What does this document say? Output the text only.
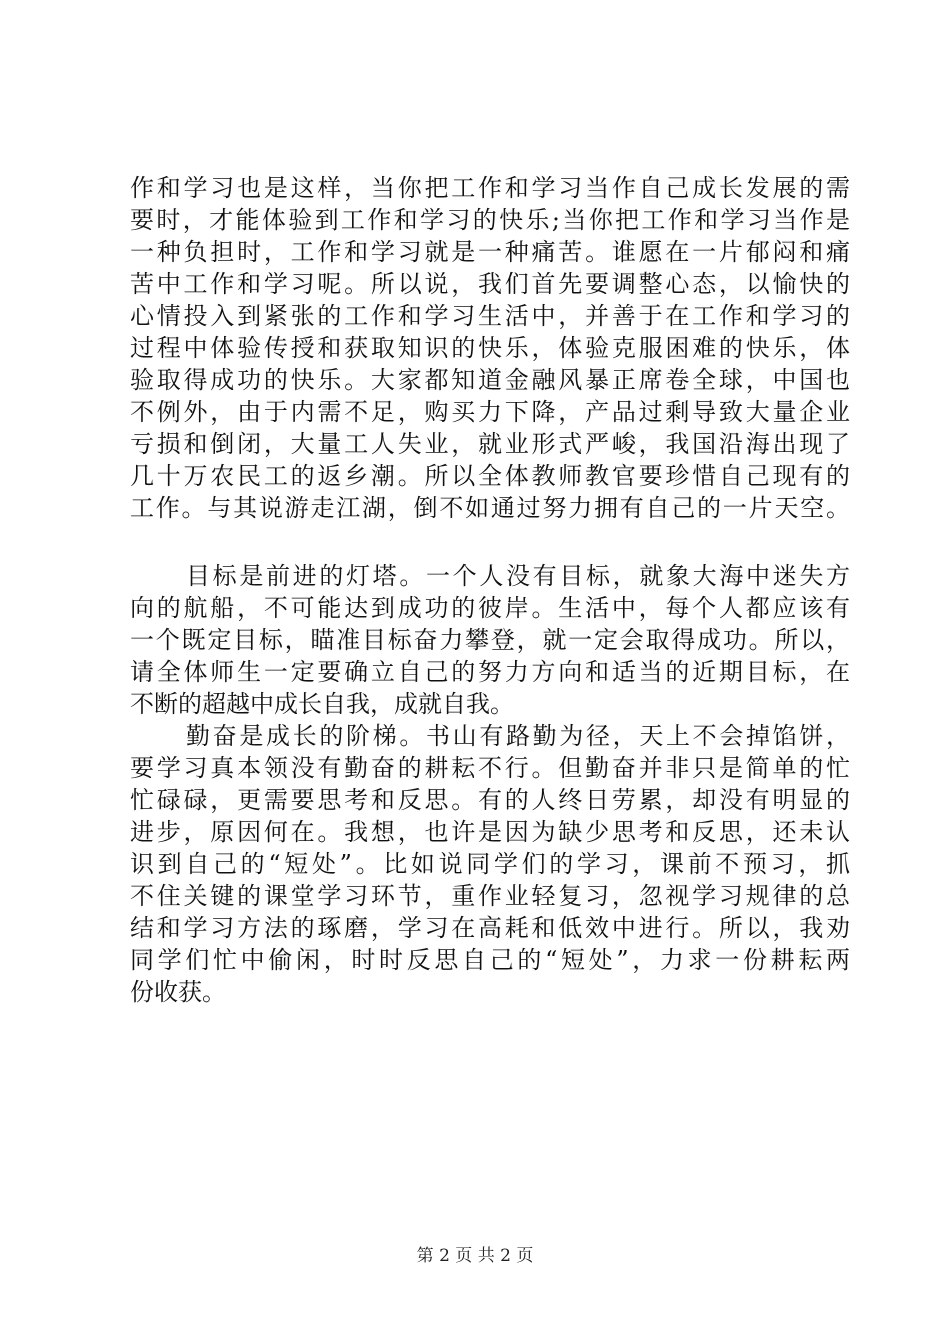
作和学习也是这样，当你把工作和学习当作自己成长发展的需
要时，才能体验到工作和学习的快乐;当你把工作和学习当作是
一种负担时，工作和学习就是一种痛苦。谁愿在一片郁闷和痛
苦中工作和学习呢。所以说，我们首先要调整心态，以愉快的
心情投入到紧张的工作和学习生活中，并善于在工作和学习的
过程中体验传授和获取知识的快乐，体验克服困难的快乐，体
验取得成功的快乐。大家都知道金融风暴正席卷全球，中国也
不例外，由于内需不足，购买力下降，产品过剩导致大量企业
亏损和倒闭，大量工人失业，就业形式严峻，我国沿海出现了
几十万农民工的返乡潮。所以全体教师教官要珍惜自己现有的
工作。与其说游走江湖，倒不如通过努力拥有自己的一片天空。
目标是前进的灯塔。一个人没有目标，就象大海中迷失方
向的航船，不可能达到成功的彼岸。生活中，每个人都应该有
一个既定目标，瞄准目标奋力攀登，就一定会取得成功。所以，
请全体师生一定要确立自己的努力方向和适当的近期目标，在
不断的超越中成长自我，成就自我。
勤奋是成长的阶梯。书山有路勤为径，天上不会掉馅饼，
要学习真本领没有勤奋的耕耘不行。但勤奋并非只是简单的忙
忙碌碌，更需要思考和反思。有的人终日劳累，却没有明显的
进步，原因何在。我想，也许是因为缺少思考和反思，还未认
识到自己的“短处”。比如说同学们的学习，课前不预习，抓
不住关键的课堂学习环节，重作业轻复习，忽视学习规律的总
结和学习方法的琢磨，学习在高耗和低效中进行。所以，我劝
同学们忙中偷闲，时时反思自己的“短处”，力求一份耕耘两
份收获。
第 2 页 共 2 页
